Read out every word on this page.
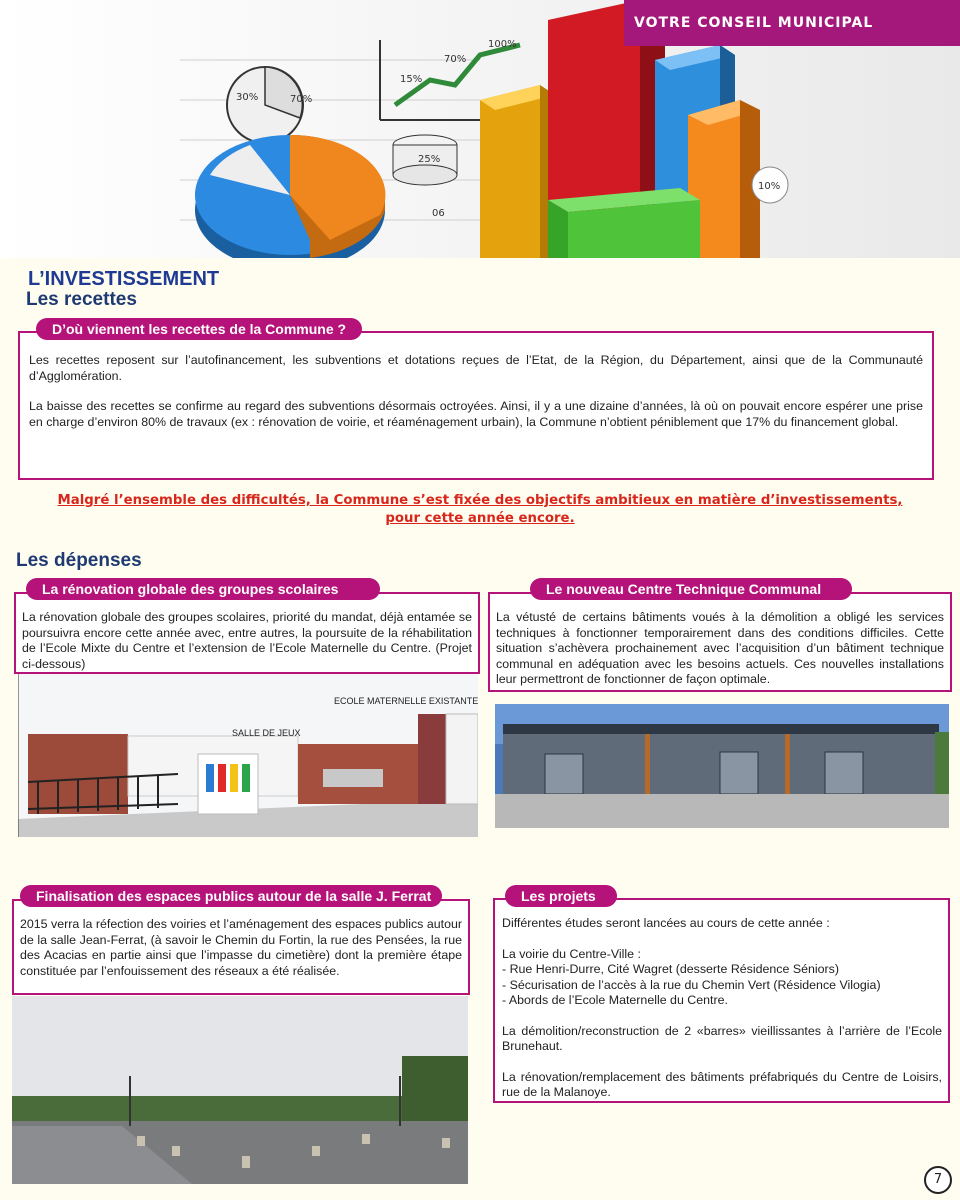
30%	70%
15%
70%
100%
25%
06
10%
VOTRE CONSEIL MUNICIPAL
L’INVESTISSEMENT
Les recettes
D’où viennent les recettes de la Commune ?
Les recettes reposent sur l’autofinancement, les subventions et dotations reçues de l’Etat, de la Région, du Département, ainsi que de la Communauté d’Agglomération.
La baisse des recettes se confirme au regard des subventions désormais octroyées. Ainsi, il y a une dizaine d’années, là où on pouvait encore espérer une prise en charge d’environ 80% de travaux (ex : rénovation de voirie, et réaménagement urbain), la Commune n’obtient péniblement que 17% du financement global.
Malgré l’ensemble des difficultés, la Commune s’est fixée des objectifs ambitieux en matière d’investissements,
pour cette année encore.
Les dépenses
La rénovation globale des groupes scolaires
La rénovation globale des groupes scolaires, priorité du mandat, déjà entamée se poursuivra encore cette année avec, entre autres, la poursuite de la réhabilitation de l’Ecole Mixte du Centre et l’extension de l’Ecole Maternelle du Centre. (Projet ci-dessous)
ECOLE MATERNELLE EXISTANTE
SALLE DE JEUX
Le nouveau Centre Technique Communal
La vétusté de certains bâtiments voués à la démolition a obligé les services techniques à fonctionner temporairement dans des conditions difficiles. Cette situation s’achèvera prochainement avec l’acquisition d’un bâtiment technique communal en adéquation avec les besoins actuels. Ces nouvelles installations leur permettront de fonctionner de façon optimale.
Finalisation des espaces publics autour de la salle J. Ferrat
2015 verra la réfection des voiries et l’aménagement des espaces publics autour de la salle Jean-Ferrat, (à savoir le Chemin du Fortin, la rue des Pensées, la rue des Acacias en partie ainsi que l’impasse du cimetière) dont la première étape constituée par l’enfouissement des réseaux a été réalisée.
Les projets
Différentes études seront lancées au cours de cette année :
La voirie du Centre-Ville :
- Rue Henri-Durre, Cité Wagret (desserte Résidence Séniors)
- Sécurisation de l’accès à la rue du Chemin Vert (Résidence Vilogia)
- Abords de l’Ecole Maternelle du Centre.
La démolition/reconstruction de 2 «barres» vieillissantes à l’arrière de l’Ecole Brunehaut.
La rénovation/remplacement des bâtiments préfabriqués du Centre de Loisirs, rue de la Malanoye.
7
